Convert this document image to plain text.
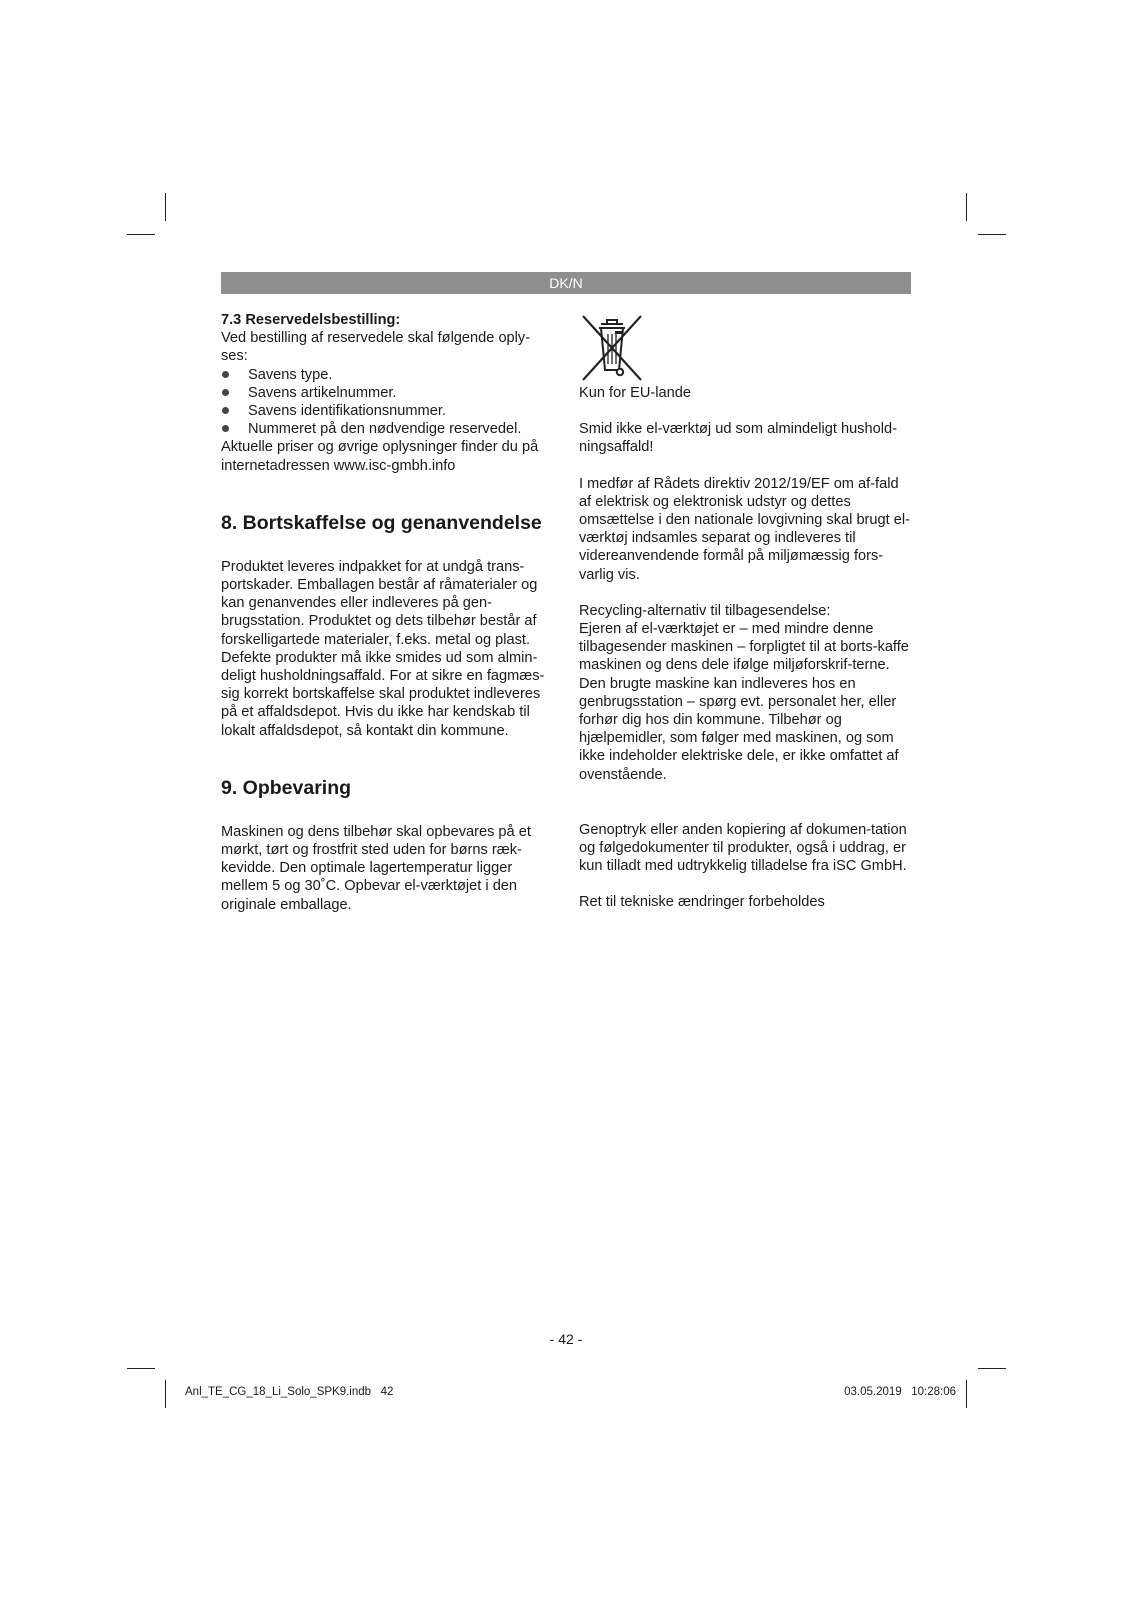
DK/N

7.3 Reservedelsbestilling:

Ved bestilling af reservedele skal følgende oply-ses:

Savens type.
Savens artikelnummer.
Savens identifikationsnummer.
Nummeret på den nødvendige reservedel.

Aktuelle priser og øvrige oplysninger finder du på internetadressen www.isc-gmbh.info

8. Bortskaffelse og genanvendelse

Produktet leveres indpakket for at undgå trans-portskader. Emballagen består af råmaterialer og kan genanvendes eller indleveres på gen-brugsstation. Produktet og dets tilbehør består af forskelligartede materialer, f.eks. metal og plast. Defekte produkter må ikke smides ud som almin-deligt husholdningsaffald. For at sikre en fagmæs-sig korrekt bortskaffelse skal produktet indleveres på et affaldsdepot. Hvis du ikke har kendskab til lokalt affaldsdepot, så kontakt din kommune.

9. Opbevaring

Maskinen og dens tilbehør skal opbevares på et mørkt, tørt og frostfrit sted uden for børns ræk-kevidde. Den optimale lagertemperatur ligger mellem 5 og 30˚C. Opbevar el-værktøjet i den originale emballage.

Kun for EU-lande

Smid ikke el-værktøj ud som almindeligt hushold-ningsaffald!

I medfør af Rådets direktiv 2012/19/EF om af-fald af elektrisk og elektronisk udstyr og dettes omsættelse i den nationale lovgivning skal brugt el-værktøj indsamles separat og indleveres til videreanvendende formål på miljømæssig fors-varlig vis.

Recycling-alternativ til tilbagesendelse:

Ejeren af el-værktøjet er – med mindre denne tilbagesender maskinen – forpligtet til at borts-kaffe maskinen og dens dele ifølge miljøforskrif-terne. Den brugte maskine kan indleveres hos en genbrugsstation – spørg evt. personalet her, eller forhør dig hos din kommune. Tilbehør og hjælpemidler, som følger med maskinen, og som ikke indeholder elektriske dele, er ikke omfattet af ovenstående.

Genoptryk eller anden kopiering af dokumen-tation og følgedokumenter til produkter, også i uddrag, er kun tilladt med udtrykkelig tilladelse fra iSC GmbH.

Ret til tekniske ændringer forbeholdes

- 42 -
Anl_TE_CG_18_Li_Solo_SPK9.indb   42	03.05.2019   10:28:06
